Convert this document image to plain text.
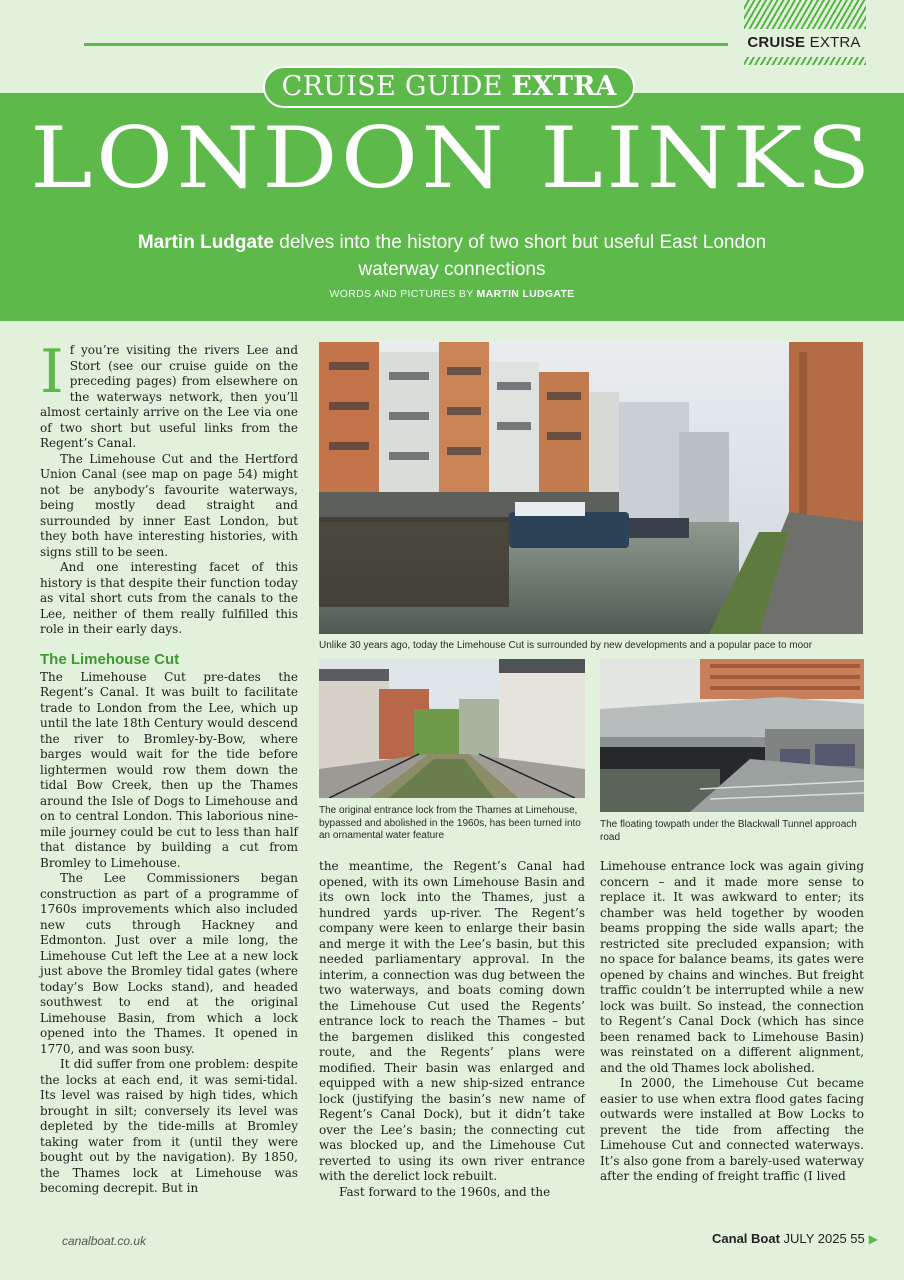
CRUISE EXTRA
CRUISE GUIDE EXTRA
LONDON LINKS
Martin Ludgate delves into the history of two short but useful East London waterway connections
WORDS AND PICTURES BY MARTIN LUDGATE
I f you’re visiting the rivers Lee and Stort (see our cruise guide on the preceding pages) from elsewhere on the waterways network, then you’ll almost certainly arrive on the Lee via one of two short but useful links from the Regent’s Canal.

The Limehouse Cut and the Hertford Union Canal (see map on page 54) might not be anybody’s favourite waterways, being mostly dead straight and surrounded by inner East London, but they both have interesting histories, with signs still to be seen.

And one interesting facet of this history is that despite their function today as vital short cuts from the canals to the Lee, neither of them really fulfilled this role in their early days.

The Limehouse Cut

The Limehouse Cut pre-dates the Regent’s Canal. It was built to facilitate trade to London from the Lee, which up until the late 18th Century would descend the river to Bromley-by-Bow, where barges would wait for the tide before lightermen would row them down the tidal Bow Creek, then up the Thames around the Isle of Dogs to Limehouse and on to central London. This laborious nine-mile journey could be cut to less than half that distance by building a cut from Bromley to Limehouse.

The Lee Commissioners began construction as part of a programme of 1760s improvements which also included new cuts through Hackney and Edmonton. Just over a mile long, the Limehouse Cut left the Lee at a new lock just above the Bromley tidal gates (where today’s Bow Locks stand), and headed southwest to end at the original Limehouse Basin, from which a lock opened into the Thames. It opened in 1770, and was soon busy.

It did suffer from one problem: despite the locks at each end, it was semi-tidal. Its level was raised by high tides, which brought in silt; conversely its level was depleted by the tide-mills at Bromley taking water from it (until they were bought out by the navigation). By 1850, the Thames lock at Limehouse was becoming decrepit. But in

Unlike 30 years ago, today the Limehouse Cut is surrounded by new developments and a popular pace to moor
The original entrance lock from the Thames at Limehouse, bypassed and abolished in the 1960s, has been turned into an ornamental water feature
The floating towpath under the Blackwall Tunnel approach road

the meantime, the Regent’s Canal had opened, with its own Limehouse Basin and its own lock into the Thames, just a hundred yards up-river. The Regent’s company were keen to enlarge their basin and merge it with the Lee’s basin, but this needed parliamentary approval. In the interim, a connection was dug between the two waterways, and boats coming down the Limehouse Cut used the Regents’ entrance lock to reach the Thames – but the bargemen disliked this congested route, and the Regents’ plans were modified. Their basin was enlarged and equipped with a new ship-sized entrance lock (justifying the basin’s new name of Regent’s Canal Dock), but it didn’t take over the Lee’s basin; the connecting cut was blocked up, and the Limehouse Cut reverted to using its own river entrance with the derelict lock rebuilt.

Fast forward to the 1960s, and the

Limehouse entrance lock was again giving concern – and it made more sense to replace it. It was awkward to enter; its chamber was held together by wooden beams propping the side walls apart; the restricted site precluded expansion; with no space for balance beams, its gates were opened by chains and winches. But freight traffic couldn’t be interrupted while a new lock was built. So instead, the connection to Regent’s Canal Dock (which has since been renamed back to Limehouse Basin) was reinstated on a different alignment, and the old Thames lock abolished.

In 2000, the Limehouse Cut became easier to use when extra flood gates facing outwards were installed at Bow Locks to prevent the tide from affecting the Limehouse Cut and connected waterways. It’s also gone from a barely-used waterway after the ending of freight traffic (I lived

canalboat.co.uk	Canal Boat JULY 2025 55 ▶
